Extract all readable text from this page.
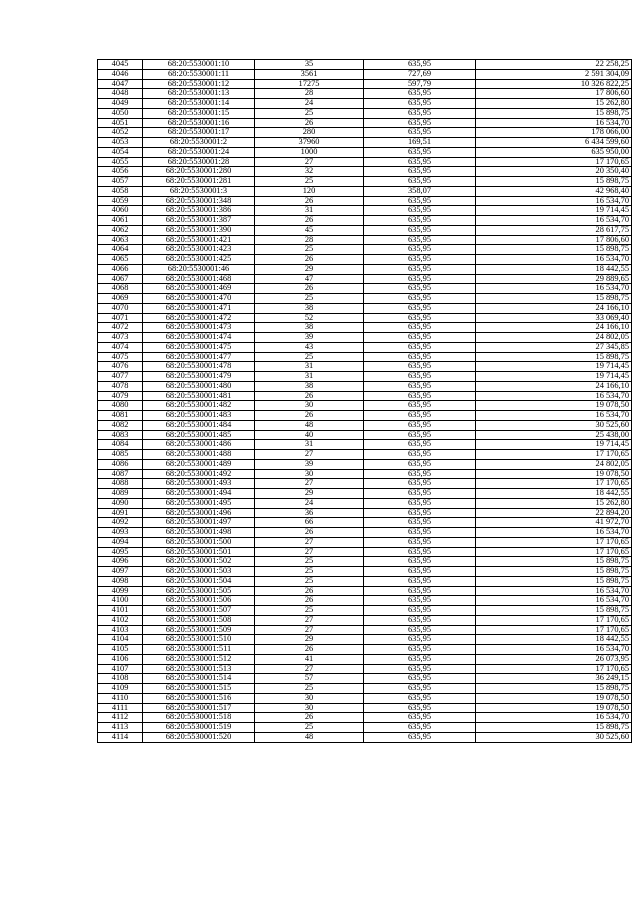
4045	68:20:5530001:10	35	635,95	22 258,25
4046	68:20:5530001:11	3561	727,69	2 591 304,09
4047	68:20:5530001:12	17275	597,79	10 326 822,25
4048	68:20:5530001:13	28	635,95	17 806,60
4049	68:20:5530001:14	24	635,95	15 262,80
4050	68:20:5530001:15	25	635,95	15 898,75
4051	68:20:5530001:16	26	635,95	16 534,70
4052	68:20:5530001:17	280	635,95	178 066,00
4053	68:20:5530001:2	37960	169,51	6 434 599,60
4054	68:20:5530001:24	1000	635,95	635 950,00
4055	68:20:5530001:28	27	635,95	17 170,65
4056	68:20:5530001:280	32	635,95	20 350,40
4057	68:20:5530001:281	25	635,95	15 898,75
4058	68:20:5530001:3	120	358,07	42 968,40
4059	68:20:5530001:348	26	635,95	16 534,70
4060	68:20:5530001:386	31	635,95	19 714,45
4061	68:20:5530001:387	26	635,95	16 534,70
4062	68:20:5530001:390	45	635,95	28 617,75
4063	68:20:5530001:421	28	635,95	17 806,60
4064	68:20:5530001:423	25	635,95	15 898,75
4065	68:20:5530001:425	26	635,95	16 534,70
4066	68:20:5530001:46	29	635,95	18 442,55
4067	68:20:5530001:468	47	635,95	29 889,65
4068	68:20:5530001:469	26	635,95	16 534,70
4069	68:20:5530001:470	25	635,95	15 898,75
4070	68:20:5530001:471	38	635,95	24 166,10
4071	68:20:5530001:472	52	635,95	33 069,40
4072	68:20:5530001:473	38	635,95	24 166,10
4073	68:20:5530001:474	39	635,95	24 802,05
4074	68:20:5530001:475	43	635,95	27 345,85
4075	68:20:5530001:477	25	635,95	15 898,75
4076	68:20:5530001:478	31	635,95	19 714,45
4077	68:20:5530001:479	31	635,95	19 714,45
4078	68:20:5530001:480	38	635,95	24 166,10
4079	68:20:5530001:481	26	635,95	16 534,70
4080	68:20:5530001:482	30	635,95	19 078,50
4081	68:20:5530001:483	26	635,95	16 534,70
4082	68:20:5530001:484	48	635,95	30 525,60
4083	68:20:5530001:485	40	635,95	25 438,00
4084	68:20:5530001:486	31	635,95	19 714,45
4085	68:20:5530001:488	27	635,95	17 170,65
4086	68:20:5530001:489	39	635,95	24 802,05
4087	68:20:5530001:492	30	635,95	19 078,50
4088	68:20:5530001:493	27	635,95	17 170,65
4089	68:20:5530001:494	29	635,95	18 442,55
4090	68:20:5530001:495	24	635,95	15 262,80
4091	68:20:5530001:496	36	635,95	22 894,20
4092	68:20:5530001:497	66	635,95	41 972,70
4093	68:20:5530001:498	26	635,95	16 534,70
4094	68:20:5530001:500	27	635,95	17 170,65
4095	68:20:5530001:501	27	635,95	17 170,65
4096	68:20:5530001:502	25	635,95	15 898,75
4097	68:20:5530001:503	25	635,95	15 898,75
4098	68:20:5530001:504	25	635,95	15 898,75
4099	68:20:5530001:505	26	635,95	16 534,70
4100	68:20:5530001:506	26	635,95	16 534,70
4101	68:20:5530001:507	25	635,95	15 898,75
4102	68:20:5530001:508	27	635,95	17 170,65
4103	68:20:5530001:509	27	635,95	17 170,65
4104	68:20:5530001:510	29	635,95	18 442,55
4105	68:20:5530001:511	26	635,95	16 534,70
4106	68:20:5530001:512	41	635,95	26 073,95
4107	68:20:5530001:513	27	635,95	17 170,65
4108	68:20:5530001:514	57	635,95	36 249,15
4109	68:20:5530001:515	25	635,95	15 898,75
4110	68:20:5530001:516	30	635,95	19 078,50
4111	68:20:5530001:517	30	635,95	19 078,50
4112	68:20:5530001:518	26	635,95	16 534,70
4113	68:20:5530001:519	25	635,95	15 898,75
4114	68:20:5530001:520	48	635,95	30 525,60
